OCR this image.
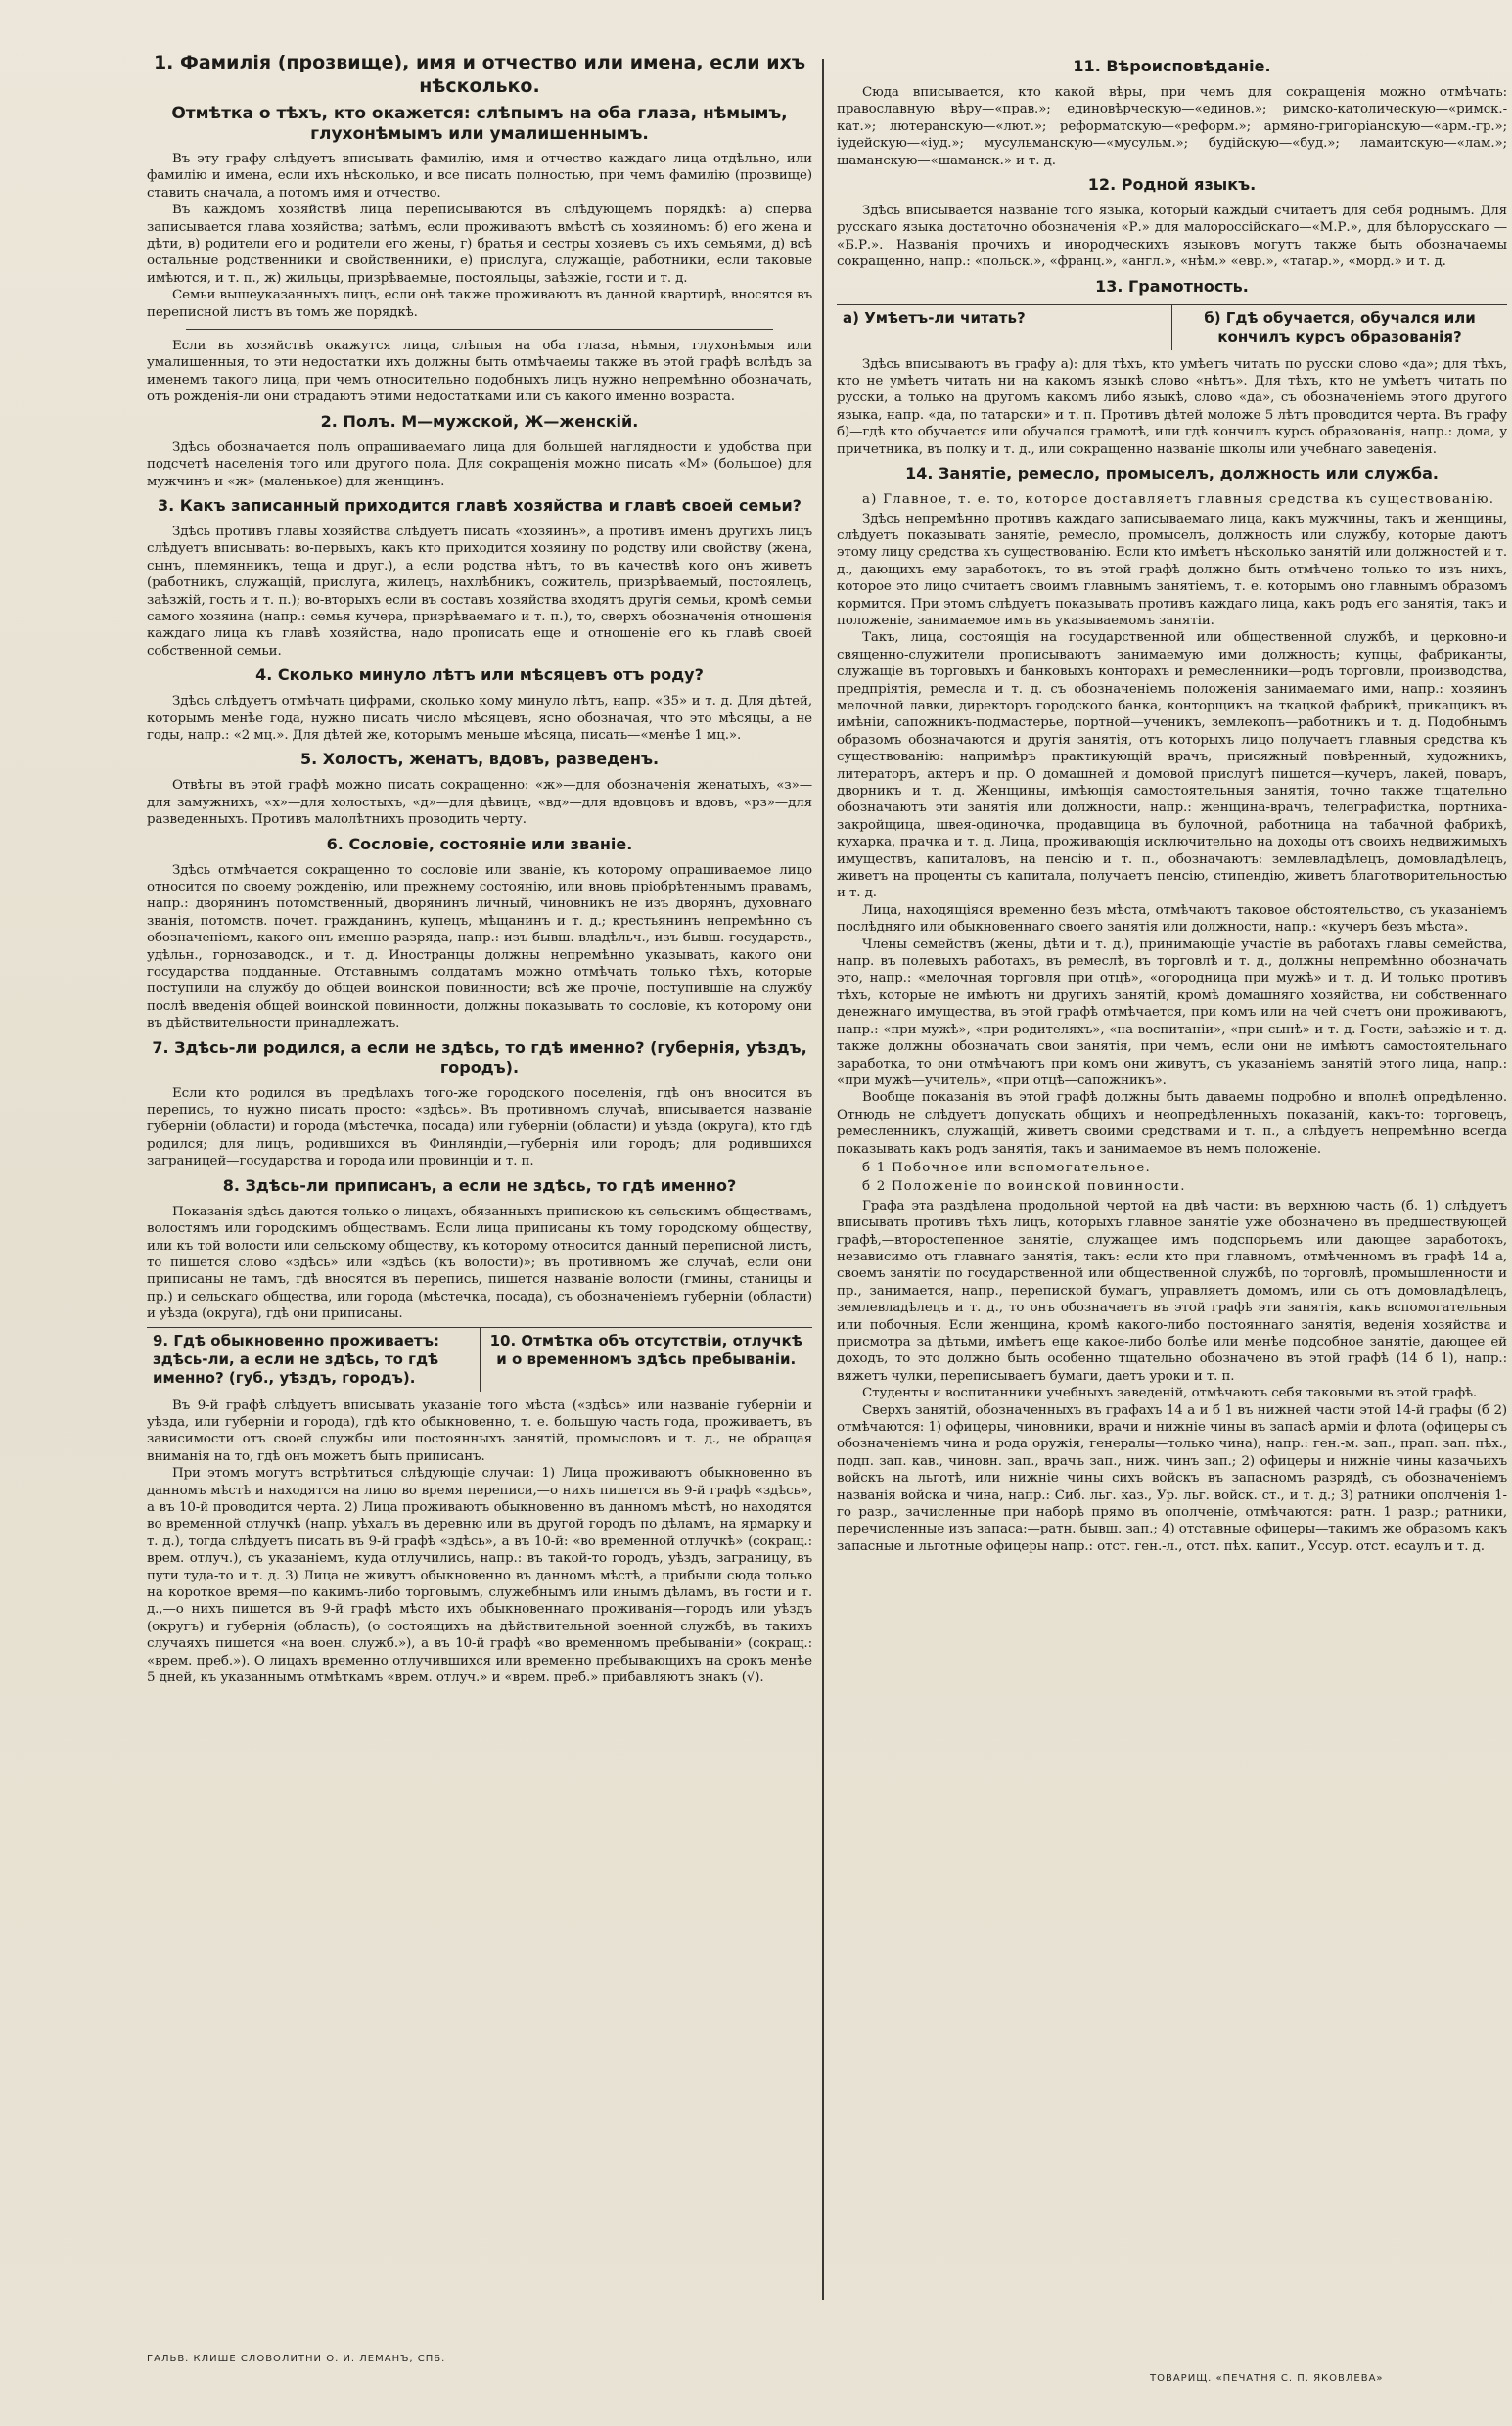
1. Фамилія (прозвище), имя и отчество или имена, если ихъ нѣсколько.
Отмѣтка о тѣхъ, кто окажется: слѣпымъ на оба глаза, нѣмымъ, глухонѣмымъ или умалишеннымъ.

Въ эту графу слѣдуетъ вписывать фамилію, имя и отчество каждаго лица отдѣльно, или фамилію и имена, если ихъ нѣсколько, и все писать полностью, при чемъ фамилію (прозвище) ставить сначала, а потомъ имя и отчество.

Въ каждомъ хозяйствѣ лица переписываются въ слѣдующемъ порядкѣ: а) сперва записывается глава хозяйства; затѣмъ, если проживаютъ вмѣстѣ съ хозяиномъ: б) его жена и дѣти, в) родители его и родители его жены, г) братья и сестры хозяевъ съ ихъ семьями, д) всѣ остальные родственники и свойственники, е) прислуга, служащіе, работники, если таковые имѣются, и т. п., ж) жильцы, призрѣваемые, постояльцы, заѣзжіе, гости и т. д.

Семьи вышеуказанныхъ лицъ, если онѣ также проживаютъ въ данной квартирѣ, вносятся въ переписной листъ въ томъ же порядкѣ.

Если въ хозяйствѣ окажутся лица, слѣпыя на оба глаза, нѣмыя, глухонѣмыя или умалишенныя, то эти недостатки ихъ должны быть отмѣчаемы также въ этой графѣ вслѣдъ за именемъ такого лица, при чемъ относительно подобныхъ лицъ нужно непремѣнно обозначать, отъ рожденія-ли они страдаютъ этими недостатками или съ какого именно возраста.

2. Полъ. М—мужской, Ж—женскій.

Здѣсь обозначается полъ опрашиваемаго лица для большей наглядности и удобства при подсчетѣ населенія того или другого пола. Для сокращенія можно писать «М» (большое) для мужчинъ и «ж» (маленькое) для женщинъ.

3. Какъ записанный приходится главѣ хозяйства и главѣ своей семьи?

Здѣсь противъ главы хозяйства слѣдуетъ писать «хозяинъ», а противъ именъ другихъ лицъ слѣдуетъ вписывать: во-первыхъ, какъ кто приходится хозяину по родству или свойству (жена, сынъ, племянникъ, теща и друг.), а если родства нѣтъ, то въ качествѣ кого онъ живетъ (работникъ, служащій, прислуга, жилецъ, нахлѣбникъ, сожитель, призрѣваемый, постоялецъ, заѣзжій, гость и т. п.); во-вторыхъ если въ составъ хозяйства входятъ другія семьи, кромѣ семьи самого хозяина (напр.: семья кучера, призрѣваемаго и т. п.), то, сверхъ обозначенія отношенія каждаго лица къ главѣ хозяйства, надо прописать еще и отношеніе его къ главѣ своей собственной семьи.

4. Сколько минуло лѣтъ или мѣсяцевъ отъ роду?

Здѣсь слѣдуетъ отмѣчать цифрами, сколько кому минуло лѣтъ, напр. «35» и т. д. Для дѣтей, которымъ менѣе года, нужно писать число мѣсяцевъ, ясно обозначая, что это мѣсяцы, а не годы, напр.: «2 мц.». Для дѣтей же, которымъ меньше мѣсяца, писать—«менѣе 1 мц.».

5. Холостъ, женатъ, вдовъ, разведенъ.

Отвѣты въ этой графѣ можно писать сокращенно: «ж»—для обозначенія женатыхъ, «з»—для замужнихъ, «х»—для холостыхъ, «д»—для дѣвицъ, «вд»—для вдовцовъ и вдовъ, «рз»—для разведенныхъ. Противъ малолѣтнихъ проводить черту.

6. Сословіе, состояніе или званіе.

Здѣсь отмѣчается сокращенно то сословіе или званіе, къ которому опрашиваемое лицо относится по своему рожденію, или прежнему состоянію, или вновь пріобрѣтеннымъ правамъ, напр.: дворянинъ потомственный, дворянинъ личный, чиновникъ не изъ дворянъ, духовнаго званія, потомств. почет. гражданинъ, купецъ, мѣщанинъ и т. д.; крестьянинъ непремѣнно съ обозначеніемъ, какого онъ именно разряда, напр.: изъ бывш. владѣльч., изъ бывш. государств., удѣльн., горнозаводск., и т. д. Иностранцы должны непремѣнно указывать, какого они государства подданные. Отставнымъ солдатамъ можно отмѣчать только тѣхъ, которые поступили на службу до общей воинской повинности; всѣ же прочіе, поступившіе на службу послѣ введенія общей воинской повинности, должны показывать то сословіе, къ которому они въ дѣйствительности принадлежатъ.

7. Здѣсь-ли родился, а если не здѣсь, то гдѣ именно? (губернія, уѣздъ, городъ).

Если кто родился въ предѣлахъ того-же городского поселенія, гдѣ онъ вносится въ перепись, то нужно писать просто: «здѣсь». Въ противномъ случаѣ, вписывается названіе губерніи (области) и города (мѣстечка, посада) или губерніи (области) и уѣзда (округа), кто гдѣ родился; для лицъ, родившихся въ Финляндіи,—губернія или городъ; для родившихся заграницей—государства и города или провинціи и т. п.

8. Здѣсь-ли приписанъ, а если не здѣсь, то гдѣ именно?

Показанія здѣсь даются только о лицахъ, обязанныхъ припискою къ сельскимъ обществамъ, волостямъ или городскимъ обществамъ. Если лица приписаны къ тому городскому обществу, или къ той волости или сельскому обществу, къ которому относится данный переписной листъ, то пишется слово «здѣсь» или «здѣсь (къ волости)»; въ противномъ же случаѣ, если они приписаны не тамъ, гдѣ вносятся въ перепись, пишется названіе волости (гмины, станицы и пр.) и сельскаго общества, или города (мѣстечка, посада), съ обозначеніемъ губерніи (области) и уѣзда (округа), гдѣ они приписаны.

9. Гдѣ обыкновенно проживаетъ: здѣсь-ли, а если не здѣсь, то гдѣ именно? (губ., уѣздъ, городъ).
10. Отмѣтка объ отсутствіи, отлучкѣ и о временномъ здѣсь пребываніи.

Въ 9-й графѣ слѣдуетъ вписывать указаніе того мѣста («здѣсь» или названіе губерніи и уѣзда, или губерніи и города), гдѣ кто обыкновенно, т. е. большую часть года, проживаетъ, въ зависимости отъ своей службы или постоянныхъ занятій, промысловъ и т. д., не обращая вниманія на то, гдѣ онъ можетъ быть приписанъ.

При этомъ могутъ встрѣтиться слѣдующіе случаи: 1) Лица проживаютъ обыкновенно въ данномъ мѣстѣ и находятся на лицо во время переписи,—о нихъ пишется въ 9-й графѣ «здѣсь», а въ 10-й проводится черта. 2) Лица проживаютъ обыкновенно въ данномъ мѣстѣ, но находятся во временной отлучкѣ (напр. уѣхалъ въ деревню или въ другой городъ по дѣламъ, на ярмарку и т. д.), тогда слѣдуетъ писать въ 9-й графѣ «здѣсь», а въ 10-й: «во временной отлучкѣ» (сокращ.: врем. отлуч.), съ указаніемъ, куда отлучились, напр.: въ такой-то городъ, уѣздъ, заграницу, въ пути туда-то и т. д. 3) Лица не живутъ обыкновенно въ данномъ мѣстѣ, а прибыли сюда только на короткое время—по какимъ-либо торговымъ, служебнымъ или инымъ дѣламъ, въ гости и т. д.,—о нихъ пишется въ 9-й графѣ мѣсто ихъ обыкновеннаго проживанія—городъ или уѣздъ (округъ) и губернія (область), (о состоящихъ на дѣйствительной военной службѣ, въ такихъ случаяхъ пишется «на воен. служб.»), а въ 10-й графѣ «во временномъ пребываніи» (сокращ.: «врем. преб.»). О лицахъ временно отлучившихся или временно пребывающихъ на срокъ менѣе 5 дней, къ указаннымъ отмѣткамъ «врем. отлуч.» и «врем. преб.» прибавляютъ знакъ (√).

11. Вѣроисповѣданіе.

Сюда вписывается, кто какой вѣры, при чемъ для сокращенія можно отмѣчать: православную вѣру—«прав.»; единовѣрческую—«единов.»; римско-католическую—«римск.-кат.»; лютеранскую—«лют.»; реформатскую—«реформ.»; армяно-григоріанскую—«арм.-гр.»; іудейскую—«іуд.»; мусульманскую—«мусульм.»; будійскую—«буд.»; ламаитскую—«лам.»; шаманскую—«шаманск.» и т. д.

12. Родной языкъ.

Здѣсь вписывается названіе того языка, который каждый считаетъ для себя роднымъ. Для русскаго языка достаточно обозначенія «Р.» для малороссійскаго—«М.Р.», для бѣлорусскаго — «Б.Р.». Названія прочихъ и инородческихъ языковъ могутъ также быть обозначаемы сокращенно, напр.: «польск.», «франц.», «англ.», «нѣм.» «евр.», «татар.», «морд.» и т. д.

13. Грамотность.
а) Умѣетъ-ли читать?	б) Гдѣ обучается, обучался или кончилъ курсъ образованія?

Здѣсь вписываютъ въ графу а): для тѣхъ, кто умѣетъ читать по русски слово «да»; для тѣхъ, кто не умѣетъ читать ни на какомъ языкѣ слово «нѣтъ». Для тѣхъ, кто не умѣетъ читать по русски, а только на другомъ какомъ либо языкѣ, слово «да», съ обозначеніемъ этого другого языка, напр. «да, по татарски» и т. п. Противъ дѣтей моложе 5 лѣтъ проводится черта. Въ графу б)—гдѣ кто обучается или обучался грамотѣ, или гдѣ кончилъ курсъ образованія, напр.: дома, у причетника, въ полку и т. д., или сокращенно названіе школы или учебнаго заведенія.

14. Занятіе, ремесло, промыселъ, должность или служба.

а) Главное, т. е. то, которое доставляетъ главныя средства къ существованію.

Здѣсь непремѣнно противъ каждаго записываемаго лица, какъ мужчины, такъ и женщины, слѣдуетъ показывать занятіе, ремесло, промыселъ, должность или службу, которые даютъ этому лицу средства къ существованію. Если кто имѣетъ нѣсколько занятій или должностей и т. д., дающихъ ему заработокъ, то въ этой графѣ должно быть отмѣчено только то изъ нихъ, которое это лицо считаетъ своимъ главнымъ занятіемъ, т. е. которымъ оно главнымъ образомъ кормится. При этомъ слѣдуетъ показывать противъ каждаго лица, какъ родъ его занятія, такъ и положеніе, занимаемое имъ въ указываемомъ занятіи.

Такъ, лица, состоящія на государственной или общественной службѣ, и церковно-и священно-служители прописываютъ занимаемую ими должность; купцы, фабриканты, служащіе въ торговыхъ и банковыхъ конторахъ и ремесленники—родъ торговли, производства, предпріятія, ремесла и т. д. съ обозначеніемъ положенія занимаемаго ими, напр.: хозяинъ мелочной лавки, директоръ городского банка, конторщикъ на ткацкой фабрикѣ, прикащикъ въ имѣніи, сапожникъ-подмастерье, портной—ученикъ, землекопъ—работникъ и т. д. Подобнымъ образомъ обозначаются и другія занятія, отъ которыхъ лицо получаетъ главныя средства къ существованію: напримѣръ практикующій врачъ, присяжный повѣренный, художникъ, литераторъ, актеръ и пр. О домашней и домовой прислугѣ пишется—кучеръ, лакей, поваръ, дворникъ и т. д. Женщины, имѣющія самостоятельныя занятія, точно также тщательно обозначаютъ эти занятія или должности, напр.: женщина-врачъ, телеграфистка, портниха-закройщица, швея-одиночка, продавщица въ булочной, работница на табачной фабрикѣ, кухарка, прачка и т. д. Лица, проживающія исключительно на доходы отъ своихъ недвижимыхъ имуществъ, капиталовъ, на пенсію и т. п., обозначаютъ: землевладѣлецъ, домовладѣлецъ, живетъ на проценты съ капитала, получаетъ пенсію, стипендію, живетъ благотворительностью и т. д.

Лица, находящіяся временно безъ мѣста, отмѣчаютъ таковое обстоятельство, съ указаніемъ послѣдняго или обыкновеннаго своего занятія или должности, напр.: «кучеръ безъ мѣста».

Члены семействъ (жены, дѣти и т. д.), принимающіе участіе въ работахъ главы семейства, напр. въ полевыхъ работахъ, въ ремеслѣ, въ торговлѣ и т. д., должны непремѣнно обозначать это, напр.: «мелочная торговля при отцѣ», «огородница при мужѣ» и т. д. И только противъ тѣхъ, которые не имѣютъ ни другихъ занятій, кромѣ домашняго хозяйства, ни собственнаго денежнаго имущества, въ этой графѣ отмѣчается, при комъ или на чей счетъ они проживаютъ, напр.: «при мужѣ», «при родителяхъ», «на воспитаніи», «при сынѣ» и т. д. Гости, заѣзжіе и т. д. также должны обозначать свои занятія, при чемъ, если они не имѣютъ самостоятельнаго заработка, то они отмѣчаютъ при комъ они живутъ, съ указаніемъ занятій этого лица, напр.: «при мужѣ—учитель», «при отцѣ—сапожникъ».

Вообще показанія въ этой графѣ должны быть даваемы подробно и вполнѣ опредѣленно. Отнюдь не слѣдуетъ допускать общихъ и неопредѣленныхъ показаній, какъ-то: торговецъ, ремесленникъ, служащій, живетъ своими средствами и т. п., а слѣдуетъ непремѣнно всегда показывать какъ родъ занятія, такъ и занимаемое въ немъ положеніе.

б 1 Побочное или вспомогательное.

б 2 Положеніе по воинской повинности.

Графа эта раздѣлена продольной чертой на двѣ части: въ верхнюю часть (б. 1) слѣдуетъ вписывать противъ тѣхъ лицъ, которыхъ главное занятіе уже обозначено въ предшествующей графѣ,—второстепенное занятіе, служащее имъ подспорьемъ или дающее заработокъ, независимо отъ главнаго занятія, такъ: если кто при главномъ, отмѣченномъ въ графѣ 14 а, своемъ занятіи по государственной или общественной службѣ, по торговлѣ, промышленности и пр., занимается, напр., перепиской бумагъ, управляетъ домомъ, или съ отъ домовладѣлецъ, землевладѣлецъ и т. д., то онъ обозначаетъ въ этой графѣ эти занятія, какъ вспомогательныя или побочныя. Если женщина, кромѣ какого-либо постояннаго занятія, веденія хозяйства и присмотра за дѣтьми, имѣетъ еще какое-либо болѣе или менѣе подсобное занятіе, дающее ей доходъ, то это должно быть особенно тщательно обозначено въ этой графѣ (14 б 1), напр.: вяжетъ чулки, переписываетъ бумаги, даетъ уроки и т. п.

Студенты и воспитанники учебныхъ заведеній, отмѣчаютъ себя таковыми въ этой графѣ.

Сверхъ занятій, обозначенныхъ въ графахъ 14 а и б 1 въ нижней части этой 14-й графы (б 2) отмѣчаются: 1) офицеры, чиновники, врачи и нижніе чины въ запасѣ арміи и флота (офицеры съ обозначеніемъ чина и рода оружія, генералы—только чина), напр.: ген.-м. зап., прап. зап. пѣх., подп. зап. кав., чиновн. зап., врачъ зап., ниж. чинъ зап.; 2) офицеры и нижніе чины казачьихъ войскъ на льготѣ, или нижніе чины сихъ войскъ въ запасномъ разрядѣ, съ обозначеніемъ названія войска и чина, напр.: Сиб. льг. каз., Ур. льг. войск. ст., и т. д.; 3) ратники ополченія 1-го разр., зачисленные при наборѣ прямо въ ополченіе, отмѣчаются: ратн. 1 разр.; ратники, перечисленные изъ запаса:—ратн. бывш. зап.; 4) отставные офицеры—такимъ же образомъ какъ запасные и льготные офицеры напр.: отст. ген.-л., отст. пѣх. капит., Уссур. отст. есаулъ и т. д.

ГАЛЬВ. КЛИШЕ СЛОВОЛИТНИ О. И. ЛЕМАНЪ, СПБ.
ТОВАРИЩ. «ПЕЧАТНЯ С. П. ЯКОВЛЕВА»
